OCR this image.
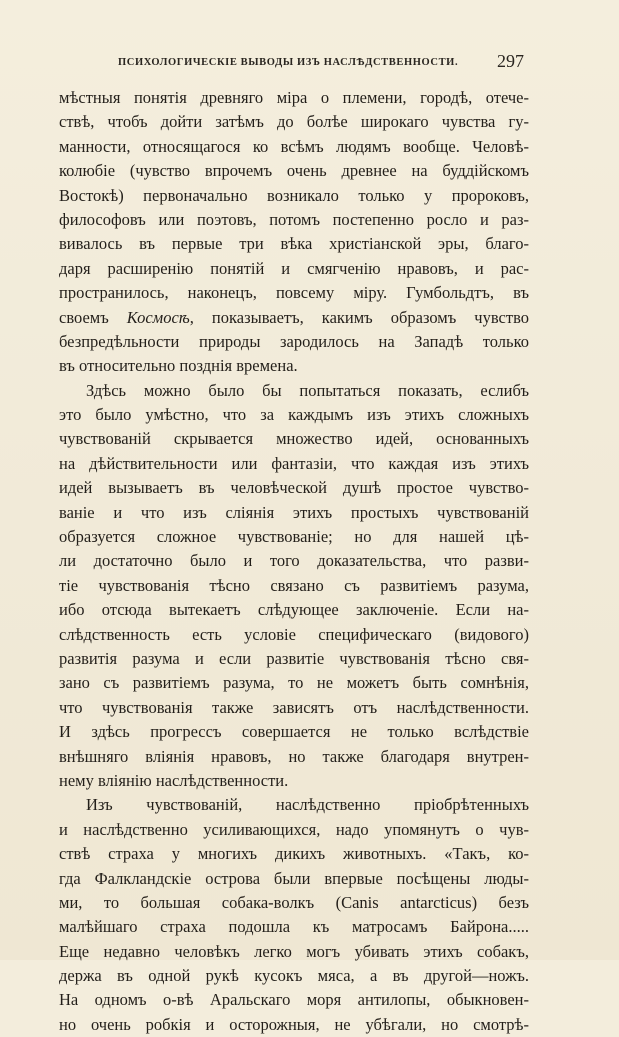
ПСИХОЛОГИЧЕСКІЕ ВЫВОДЫ ИЗЪ НАСЛѢДСТВЕННОСТИ. 297
мѣстныя понятія древняго міра о племени, городѣ, отече-
ствѣ, чтобъ дойти затѣмъ до болѣе широкаго чувства гу-
манности, относящагося ко всѣмъ людямъ вообще. Человѣ-
колюбіе (чувство впрочемъ очень древнее на буддійскомъ
Востокѣ) первоначально возникало только у пророковъ,
философовъ или поэтовъ, потомъ постепенно росло и раз-
вивалось въ первые три вѣка христіанской эры, благо-
даря расширенію понятій и смягченію нравовъ, и рас-
пространилось, наконецъ, повсему міру. Гумбольдтъ, въ
своемъ Космосѣ, показываетъ, какимъ образомъ чувство
безпредѣльности природы зародилось на Западѣ только
въ относительно позднія времена.
Здѣсь можно было бы попытаться показать, еслибъ
это было умѣстно, что за каждымъ изъ этихъ сложныхъ
чувствованій скрывается множество идей, основанныхъ
на дѣйствительности или фантазіи, что каждая изъ этихъ
идей вызываетъ въ человѣческой душѣ простое чувство-
ваніе и что изъ слiянія этихъ простыхъ чувствованій
образуется сложное чувствованіе; но для нашей цѣ-
ли достаточно было и того доказательства, что разви-
тіе чувствованія тѣсно связано съ развитіемъ разума,
ибо отсюда вытекаетъ слѣдующее заключеніе. Если на-
слѣдственность есть условіе специфическаго (видового)
развитія разума и если развитіе чувствованія тѣсно свя-
зано съ развитіемъ разума, то не можетъ быть сомнѣнія,
что чувствованія также зависятъ отъ наслѣдственности.
И здѣсь прогрессъ совершается не только вслѣдствіе
внѣшняго вліянія нравовъ, но также благодаря внутрен-
нему вліянію наслѣдственности.
Изъ чувствованій, наслѣдственно пріобрѣтенныхъ
и наслѣдственно усиливающихся, надо упомянутъ о чув-
ствѣ страха у многихъ дикихъ животныхъ. «Такъ, ко-
гда Фалкландскіе острова были впервые посѣщены люды-
ми, то большая собака-волкъ (Canis antarcticus) безъ
малѣйшаго страха подошла къ матросамъ Байрона.....
Еще недавно человѣкъ легко могъ убивать этихъ собакъ,
держа въ одной рукѣ кусокъ мяса, а въ другой—ножъ.
На одномъ о-вѣ Аральскаго моря антилопы, обыкновен-
но очень робкія и осторожныя, не убѣгали, но смотрѣ-
